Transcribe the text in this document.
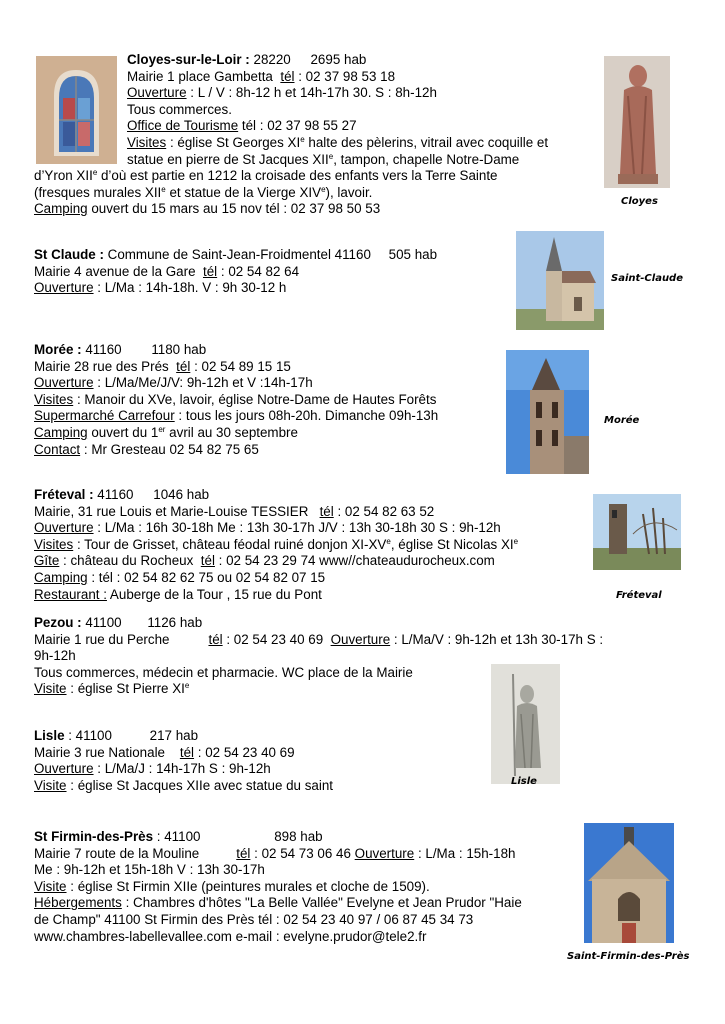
Cloyes-sur-le-Loir : 28220 2695 hab
Mairie 1 place Gambetta tél : 02 37 98 53 18
Ouverture : L / V : 8h-12 h et 14h-17h 30. S : 8h-12h
Tous commerces.
Office de Tourisme tél : 02 37 98 55 27
Visites : église St Georges XIe halte des pèlerins, vitrail avec coquille et
statue en pierre de St Jacques XIIe, tampon, chapelle Notre-Dame
d’Yron XIIe d’où est partie en 1212 la croisade des enfants vers la Terre Sainte
(fresques murales XIIe et statue de la Vierge XIVe), lavoir.
Camping ouvert du 15 mars au 15 nov tél : 02 37 98 50 53	Cloyes
St Claude : Commune de Saint-Jean-Froidmentel 41160 505 hab
Mairie 4 avenue de la Gare tél : 02 54 82 64
Ouverture : L/Ma : 14h-18h. V : 9h 30-12 h
Saint-Claude
Morée : 41160 1180 hab
Mairie 28 rue des Prés tél : 02 54 89 15 15
Ouverture : L/Ma/Me/J/V: 9h-12h et V :14h-17h
Visites : Manoir du XVe, lavoir, église Notre-Dame de Hautes Forêts
Supermarché Carrefour : tous les jours 08h-20h. Dimanche 09h-13h
Camping ouvert du 1er avril au 30 septembre
Contact : Mr Gresteau 02 54 82 75 65
Morée
Fréteval : 41160 1046 hab
Mairie, 31 rue Louis et Marie-Louise TESSIER tél : 02 54 82 63 52
Ouverture : L/Ma : 16h 30-18h Me : 13h 30-17h J/V : 13h 30-18h 30 S : 9h-12h
Visites : Tour de Grisset, château féodal ruiné donjon XI-XVe, église St Nicolas XIe
Gîte : château du Rocheux tél : 02 54 23 29 74 www//chateaudurocheux.com
Camping : tél : 02 54 82 62 75 ou 02 54 82 07 15
Restaurant : Auberge de la Tour , 15 rue du Pont	Fréteval
Pezou : 41100 1126 hab
Mairie 1 rue du Perche	tél : 02 54 23 40 69 Ouverture : L/Ma/V : 9h-12h et 13h 30-17h S :
9h-12h
Tous commerces, médecin et pharmacie. WC place de la Mairie
Visite : église St Pierre XIe
Lisle : 41100	217 hab
Mairie 3 rue Nationale tél : 02 54 23 40 69
Ouverture : L/Ma/J : 14h-17h S : 9h-12h
Visite : église St Jacques XIIe avec statue du saint	Lisle
St Firmin-des-Près : 41100	898 hab
Mairie 7 route de la Mouline	tél : 02 54 73 06 46 Ouverture : L/Ma : 15h-18h
Me : 9h-12h et 15h-18h V : 13h 30-17h
Visite : église St Firmin XIIe (peintures murales et cloche de 1509).
Hébergements : Chambres d'hôtes "La Belle Vallée" Evelyne et Jean Prudor "Haie
de Champ" 41100 St Firmin des Près tél : 02 54 23 40 97 / 06 87 45 34 73
www.chambres-labellevallee.com e-mail : evelyne.prudor@tele2.fr
Saint-Firmin-des-Près
